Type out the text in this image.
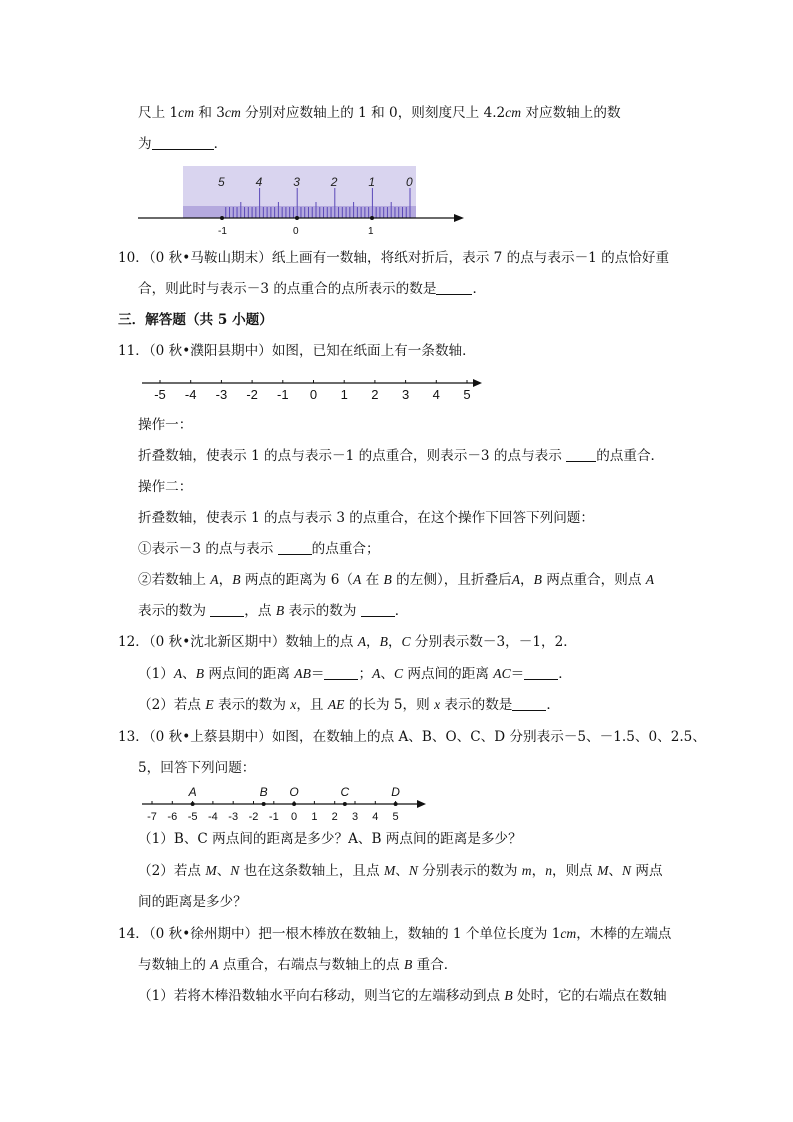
尺上 1cm 和 3cm 分别对应数轴上的 1 和 0，则刻度尺上 4.2cm 对应数轴上的数
为	．
5	4	3	2	1	0
-1	0	1
10．（0 秋•马鞍山期末）纸上画有一数轴，将纸对折后，表示 7 的点与表示－1 的点恰好重
合，则此时与表示－3 的点重合的点所表示的数是	．
三．解答题（共 5 小题）
11．（0 秋•濮阳县期中）如图，已知在纸面上有一条数轴．
-5 -4 -3 -2 -1 0 1 2 3 4 5
操作一：
折叠数轴，使表示 1 的点与表示－1 的点重合，则表示－3 的点与表示 的点重合．
操作二：
折叠数轴，使表示 1 的点与表示 3 的点重合，在这个操作下回答下列问题：
①表示－3 的点与表示	的点重合；
②若数轴上 A，B 两点的距离为 6（A 在 B 的左侧），且折叠后A，B 两点重合，则点 A
表示的数为	，点 B 表示的数为	．
12．（0 秋•沈北新区期中）数轴上的点 A，B，C 分别表示数－3，－1，2．
（1）A、B 两点间的距离 AB＝	；A、C 两点间的距离 AC＝	．
（2）若点 E 表示的数为 x，且 AE 的长为 5，则 x 表示的数是	．
13．（0 秋•上蔡县期中）如图，在数轴上的点 A、B、O、C、D 分别表示－5、－1.5、0、2.5、
5，回答下列问题：
-7 -6 -5 -4 -3 -2 -1 0 1 2 3 4 5
A	B O	C	D
（1）B、C 两点间的距离是多少？A、B 两点间的距离是多少？
（2）若点 M、N 也在这条数轴上，且点 M、N 分别表示的数为 m，n，则点 M、N 两点
间的距离是多少？
14．（0 秋•徐州期中）把一根木棒放在数轴上，数轴的 1 个单位长度为 1cm，木棒的左端点
与数轴上的 A 点重合，右端点与数轴上的点 B 重合．
（1）若将木棒沿数轴水平向右移动，则当它的左端移动到点 B 处时，它的右端点在数轴
